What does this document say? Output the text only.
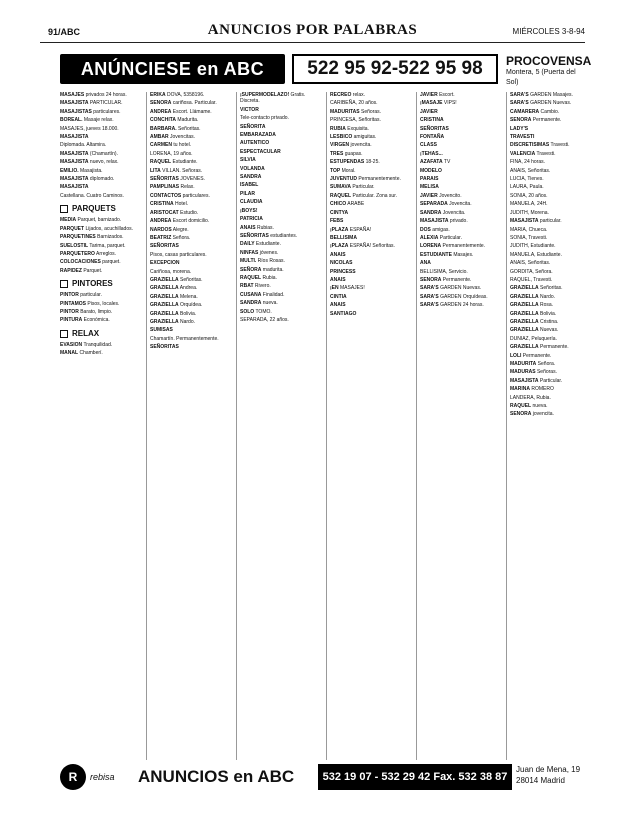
91/ABC	ANUNCIOS POR PALABRAS	MIÉRCOLES 3-8-94
ANÚNCIESE en ABC	522 95 92-522 95 98	PROCOVENSA
Montera, 5 (Puerta del Sol)

MASAJES privados 24 horas.

MASAJISTA PARTICULAR.

MASAJISTAS particulares.

BOREAL. Masaje relax.

MASAJES, jueves 18.000.

MASAJISTA

Diplomada. Altamira.

MASAJISTA (Chamartín).

MASAJISTA nuevo, relax.

EMILIO. Masajista.

MASAJISTA diplomado.

MASAJISTA

Castellana. Cuatro Caminos.

PARQUETS

MEDIA Parquet, barnizado.

PARQUET Lijados, acuchillados.

PARQUETINES Barnizados.

SUELOSTIL Tarima, parquet.

PARQUETERO Arreglos.

COLOCACIONES parquet.

RAPIDEZ Parquet.

PINTORES

PINTOR particular.

PINTAMOS Pisos, locales.

PINTOR Barato, limpio.

PINTURA Económica.

RELAX

EVASION Tranquilidad.

MANAL Chamberí.

ERIKA DOVA, 5358196.

SENORA cariñosa. Particular.

ANDREA Escort. Llámame.

CONCHITA Madurita.

BARBARA. Señoritas.

AMBAR Jovencitas.

CARMEN tu hotel.

LORENA, 19 años.

RAQUEL Estudiante.

LITA VILLAN. Señoras.

SEÑORITAS JOVENES.

PAMPLINAS Relax.

CONTACTOS particulares.

CRISTINA Hotel.

ARISTOCAT Estudio.

ANDREA Escort domicilio.

NARDOS Alegre.

BEATRIZ Señora.

SEÑORITAS

Pisos, casas particulares.

EXCEPCION

Cariñosa, morena.

GRAZIELLA Señoritas.

GRAZIELLA Andrea.

GRAZIELLA Melena.

GRAZIELLA Orquídea.

GRAZIELLA Bolivia.

GRAZIELLA Nardo.

SUMISAS

Chamartín. Permanentemente.

SEÑORITAS

¡SUPERMODELAZO! Gratis. Discreta.

VICTOR

Tele-contacto privado.

SEÑORITA

EMBARAZADA

AUTENTICO

ESPECTACULAR

SILVIA

VOLANDA

SANDRA

ISABEL

PILAR

CLAUDIA

¡BOYS!

PATRICIA

ANAIS Rubias.

SEÑORITAS estudiantes.

DAILY Estudiante.

NINFAS jóvenes.

MULTI. Ríos Rosas.

SEÑORA madurita.

RAQUEL Rubia.

RBAT Rivero.

CUSANA Finalidad.

SANDRA nueva.

SOLO TOMO.

SEPARADA, 22 años.

RECREO relax.

CARIBEÑA, 20 años.

MADURITAS Señoras.

PRINCESA, Señoritas.

RUBIA Exquisita.

LESBICO amiguitas.

VIRGEN jovencita.

TRES guapas.

ESTUPENDAS 18-25.

TOP Moral.

JUVENTUD Permanentemente.

SUMAVA Particular.

RAQUEL Particular. Zona sur.

CHICO ARABE

CINTYA

FEBS

¡PLAZA ESPAÑA!

BELLISIMA

¡PLAZA ESPAÑA! Señoritas.

ANAIS

NICOLAS

PRINCESS

ANAIS

¡EN MASAJES!

CINTIA

ANAIS

SANTIAGO

JAVIER Escort.

¡MASAJE VIPS!

JAVIER

CRISTINA

SEÑORITAS

FONTAÑA

CLASS

¡TEHAS...

AZAFATA TV

MODELO

PARAIS

MELISA

JAVIER Jovencito.

SEPARADA Jovencita.

SANDRA Jovencita.

MASAJISTA privado.

DOS amigas.

ALEXIA Particular.

LORENA Permanentemente.

ESTUDIANTE Masajes.

ANA

BELLISIMA, Servicio.

SENORA Permanente.

SARA'S GARDEN Nuevas.

SARA'S GARDEN Orquídeas.

SARA'S GARDEN 24 horas.

SARA'S GARDEN Masajes.

SARA'S GARDEN Nuevas.

CAMARERA Cambio.

SENORA Permanente.

LADY'S

TRAVESTI

DISCRETISIMAS Travesti.

VALENCIA Travesti.

FINA, 24 horas.

ANAIS, Señoritas.

LUCIA, Tienes.

LAURA, Paula.

SONIA, 20 años.

MANUELA, 24H.

JUDITH, Morena.

MASAJISTA particular.

MARIA, Chueca.

SONIA, Travesti.

JUDITH, Estudiante.

MANUELA, Estudiante.

ANAIS, Señoritas.

GORDITA, Señora.

RAQUEL, Travesti.

GRAZIELLA Señoritas.

GRAZIELLA Nardo.

GRAZIELLA Rosa.

GRAZIELLA Bolivia.

GRAZIELLA Cristina.

GRAZIELLA Nuevas.

DUNIAZ, Peluquería.

GRAZIELLA Permanente.

LOLI Permanente.

MADURITA Señora.

MADURAS Señoras.

MASAJISTA Particular.

MARINA ROMERO

LANDERA, Rubia.

RAQUEL nueva.

SENORA jovencita.

R	rebisa ANUNCIOS en ABC	532 19 07 - 532 29 42 Fax. 532 38 87
Juan de Mena, 19 28014 Madrid
